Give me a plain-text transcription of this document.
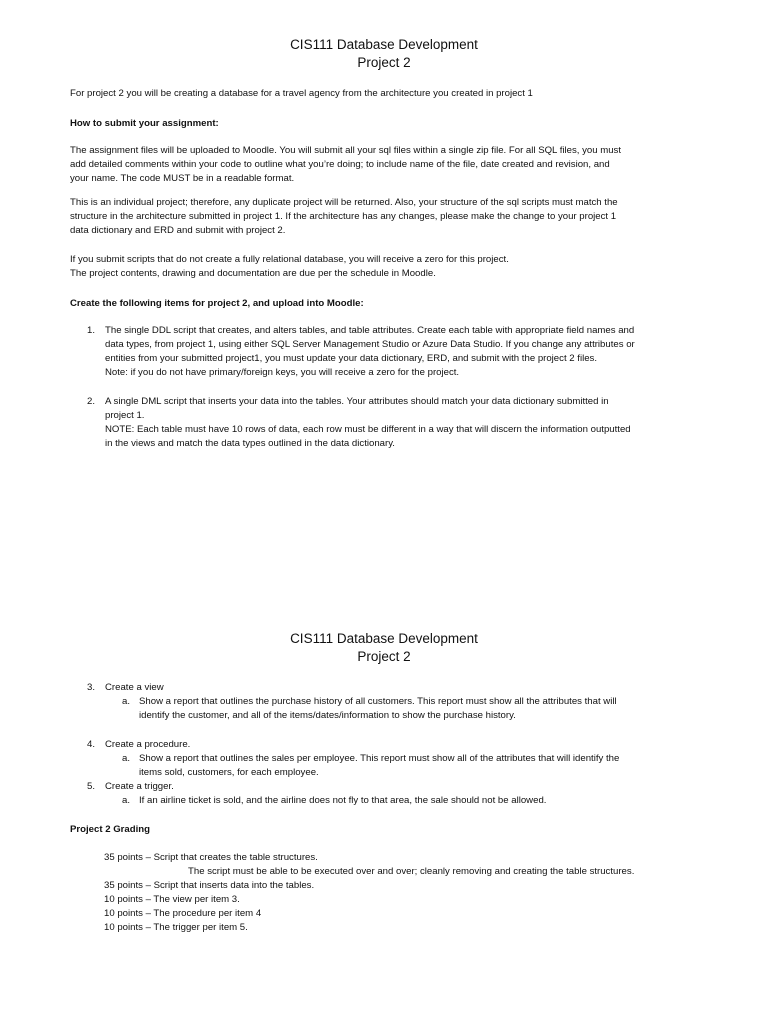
CIS111 Database Development
Project 2
For project 2 you will be creating a database for a travel agency from the architecture you created in project 1
How to submit your assignment:
The assignment files will be uploaded to Moodle. You will submit all your sql files within a single zip file. For all SQL files, you must
add detailed comments within your code to outline what you’re doing; to include name of the file, date created and revision, and
your name. The code MUST be in a readable format.
This is an individual project; therefore, any duplicate project will be returned. Also, your structure of the sql scripts must match the
structure in the architecture submitted in project 1. If the architecture has any changes, please make the change to your project 1
data dictionary and ERD and submit with project 2.
If you submit scripts that do not create a fully relational database, you will receive a zero for this project.
The project contents, drawing and documentation are due per the schedule in Moodle.
Create the following items for project 2, and upload into Moodle:
1. The single DDL script that creates, and alters tables, and table attributes. Create each table with appropriate field names and
data types, from project 1, using either SQL Server Management Studio or Azure Data Studio. If you change any attributes or
entities from your submitted project1, you must update your data dictionary, ERD, and submit with the project 2 files.
Note: if you do not have primary/foreign keys, you will receive a zero for the project.
2. A single DML script that inserts your data into the tables. Your attributes should match your data dictionary submitted in
project 1.
NOTE: Each table must have 10 rows of data, each row must be different in a way that will discern the information outputted
in the views and match the data types outlined in the data dictionary.
CIS111 Database Development
Project 2
3. Create a view
a. Show a report that outlines the purchase history of all customers. This report must show all the attributes that will
identify the customer, and all of the items/dates/information to show the purchase history.
4. Create a procedure.
a. Show a report that outlines the sales per employee. This report must show all of the attributes that will identify the
items sold, customers, for each employee.
5. Create a trigger.
a. If an airline ticket is sold, and the airline does not fly to that area, the sale should not be allowed.
Project 2 Grading
35 points – Script that creates the table structures.
The script must be able to be executed over and over; cleanly removing and creating the table structures.
35 points – Script that inserts data into the tables.
10 points – The view per item 3.
10 points – The procedure per item 4
10 points – The trigger per item 5.
